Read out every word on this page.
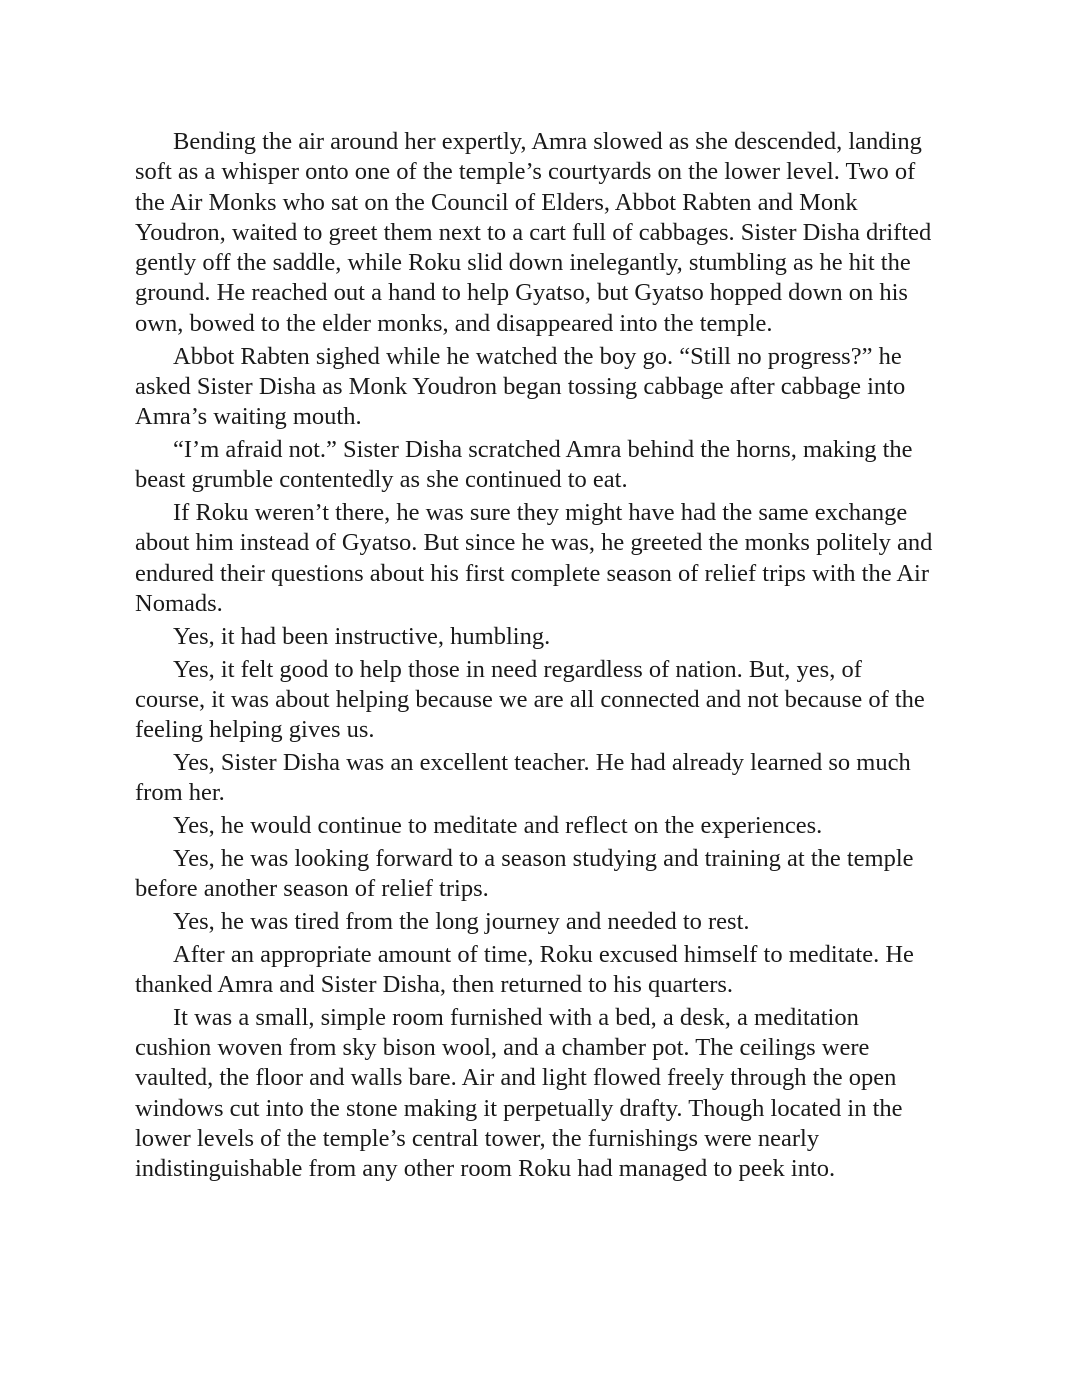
Bending the air around her expertly, Amra slowed as she descended, landing soft as a whisper onto one of the temple’s courtyards on the lower level. Two of the Air Monks who sat on the Council of Elders, Abbot Rabten and Monk Youdron, waited to greet them next to a cart full of cabbages. Sister Disha drifted gently off the saddle, while Roku slid down inelegantly, stumbling as he hit the ground. He reached out a hand to help Gyatso, but Gyatso hopped down on his own, bowed to the elder monks, and disappeared into the temple.

Abbot Rabten sighed while he watched the boy go. “Still no progress?” he asked Sister Disha as Monk Youdron began tossing cabbage after cabbage into Amra’s waiting mouth.

“I’m afraid not.” Sister Disha scratched Amra behind the horns, making the beast grumble contentedly as she continued to eat.

If Roku weren’t there, he was sure they might have had the same exchange about him instead of Gyatso. But since he was, he greeted the monks politely and endured their questions about his first complete season of relief trips with the Air Nomads.

Yes, it had been instructive, humbling.

Yes, it felt good to help those in need regardless of nation. But, yes, of course, it was about helping because we are all connected and not because of the feeling helping gives us.

Yes, Sister Disha was an excellent teacher. He had already learned so much from her.

Yes, he would continue to meditate and reflect on the experiences.

Yes, he was looking forward to a season studying and training at the temple before another season of relief trips.

Yes, he was tired from the long journey and needed to rest.

After an appropriate amount of time, Roku excused himself to meditate. He thanked Amra and Sister Disha, then returned to his quarters.

It was a small, simple room furnished with a bed, a desk, a meditation cushion woven from sky bison wool, and a chamber pot. The ceilings were vaulted, the floor and walls bare. Air and light flowed freely through the open windows cut into the stone making it perpetually drafty. Though located in the lower levels of the temple’s central tower, the furnishings were nearly indistinguishable from any other room Roku had managed to peek into.
